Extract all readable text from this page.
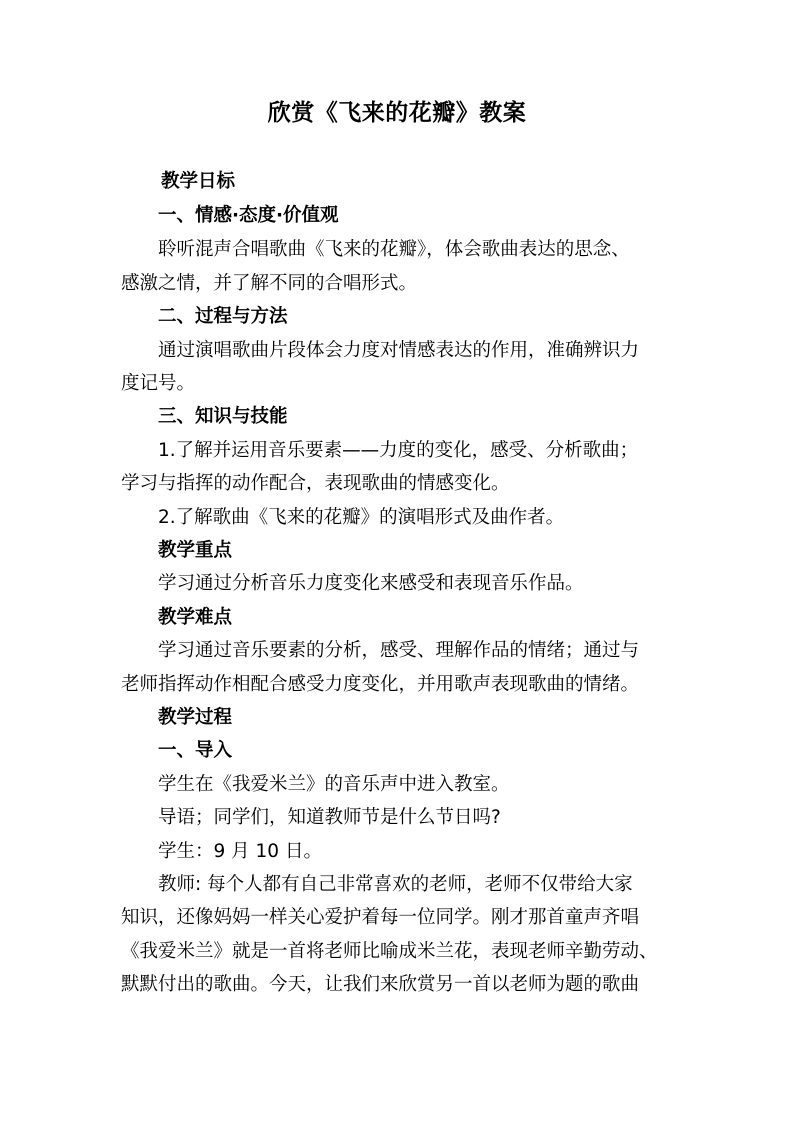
欣赏《飞来的花瓣》教案
教学日标
一、情感·态度·价值观
聆听混声合唱歌曲《飞来的花瓣》，体会歌曲表达的思念、
感激之情，并了解不同的合唱形式。
二、过程与方法
通过演唱歌曲片段体会力度对情感表达的作用，准确辨识力
度记号。
三、知识与技能
1.了解并运用音乐要素——力度的变化，感受、分析歌曲；
学习与指挥的动作配合，表现歌曲的情感变化。
2.了解歌曲《飞来的花瓣》的演唱形式及曲作者。
教学重点
学习通过分析音乐力度变化来感受和表现音乐作品。
教学难点
学习通过音乐要素的分析，感受、理解作品的情绪；通过与
老师指挥动作相配合感受力度变化，并用歌声表现歌曲的情绪。
教学过程
一、导入
学生在《我爱米兰》的音乐声中进入教室。
导语；同学们，知道教师节是什么节日吗?
学生：9 月 10 日。
教师: 每个人都有自己非常喜欢的老师，老师不仅带给大家
知识，还像妈妈一样关心爱护着每一位同学。刚才那首童声齐唱
《我爱米兰》就是一首将老师比喻成米兰花，表现老师辛勤劳动、
默默付出的歌曲。今天，让我们来欣赏另一首以老师为题的歌曲
